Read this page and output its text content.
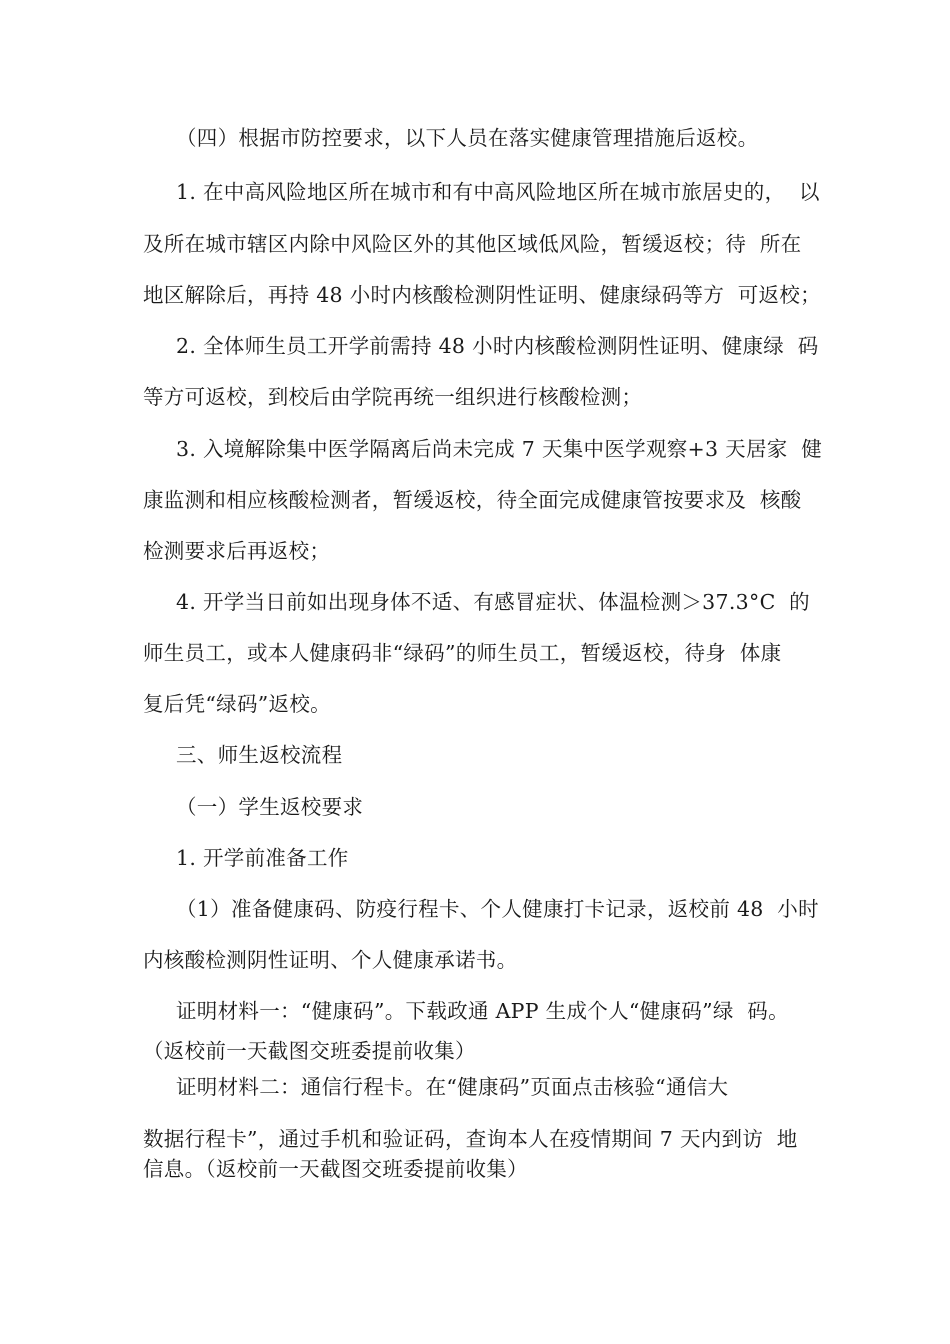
（四）根据市防控要求，以下人员在落实健康管理措施后返校。
1. 在中高风险地区所在城市和有中高风险地区所在城市旅居史的，  以
及所在城市辖区内除中风险区外的其他区域低风险，暂缓返校；待  所在
地区解除后，再持 48 小时内核酸检测阴性证明、健康绿码等方  可返校；
2. 全体师生员工开学前需持 48 小时内核酸检测阴性证明、健康绿  码
等方可返校，到校后由学院再统一组织进行核酸检测；
3. 入境解除集中医学隔离后尚未完成 7 天集中医学观察+3 天居家  健
康监测和相应核酸检测者，暂缓返校，待全面完成健康管按要求及  核酸
检测要求后再返校；
4. 开学当日前如出现身体不适、有感冒症状、体温检测＞37.3°C  的
师生员工，或本人健康码非“绿码”的师生员工，暂缓返校，待身  体康
复后凭“绿码”返校。
三、师生返校流程
（一）学生返校要求
1. 开学前准备工作
（1）准备健康码、防疫行程卡、个人健康打卡记录，返校前 48  小时
内核酸检测阴性证明、个人健康承诺书。
证明材料一：“健康码”。下载政通 APP 生成个人“健康码”绿  码。
（返校前一天截图交班委提前收集）
证明材料二：通信行程卡。在“健康码”页面点击核验“通信大
数据行程卡”，通过手机和验证码，查询本人在疫情期间 7 天内到访  地
信息。（返校前一天截图交班委提前收集）
